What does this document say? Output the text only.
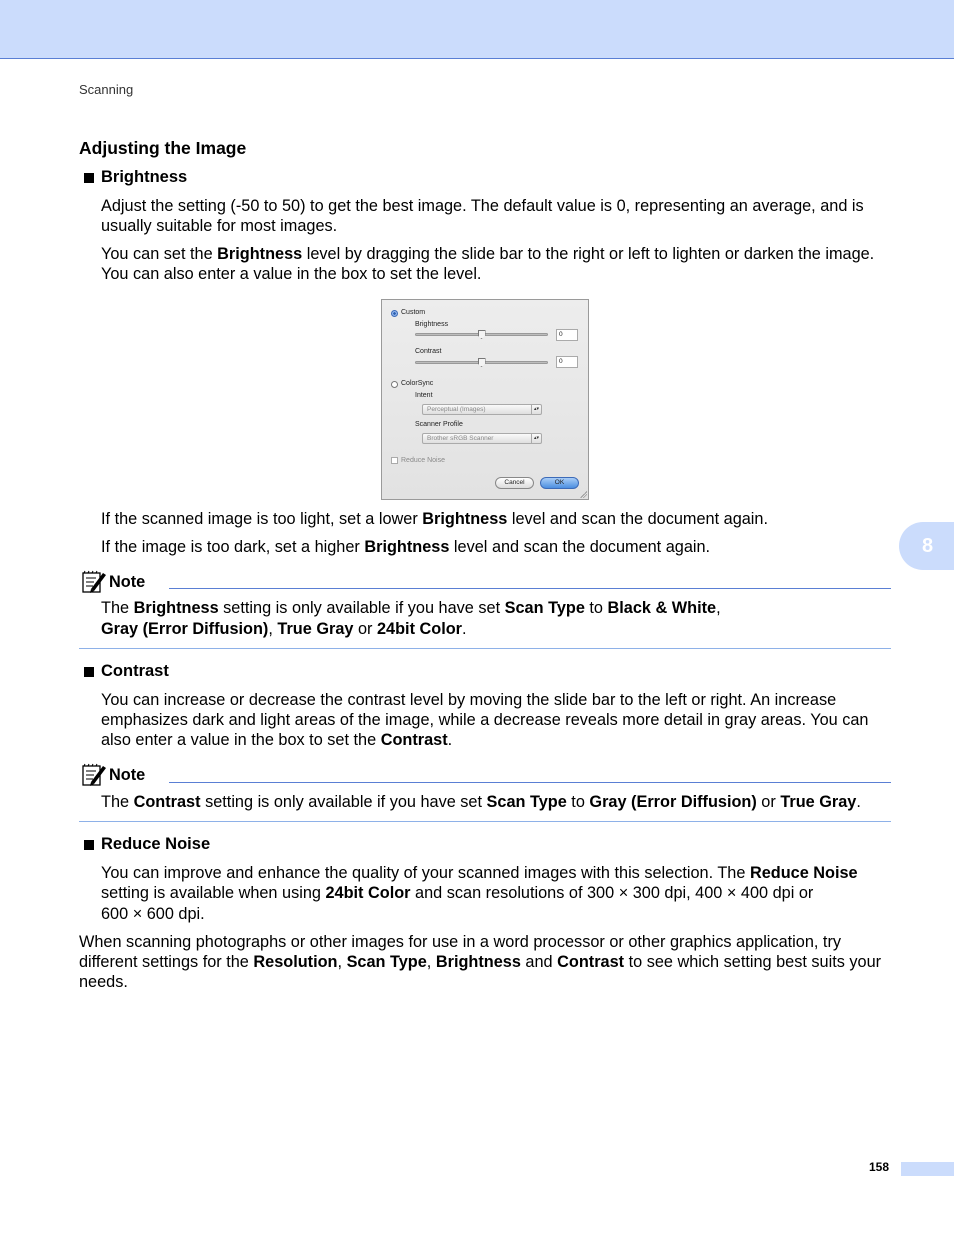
Scanning
Adjusting the Image
Brightness
Adjust the setting (-50 to 50) to get the best image. The default value is 0, representing an average, and is usually suitable for most images.
You can set the Brightness level by dragging the slide bar to the right or left to lighten or darken the image. You can also enter a value in the box to set the level.
Custom
Brightness
0
Contrast
0
ColorSync
Intent
Perceptual (Images)	▴▾
Scanner Profile
Brother sRGB Scanner	▴▾
Reduce Noise
Cancel	OK
If the scanned image is too light, set a lower Brightness level and scan the document again.
If the image is too dark, set a higher Brightness level and scan the document again.	8
Note
The Brightness setting is only available if you have set Scan Type to Black & White,
Gray (Error Diffusion), True Gray or 24bit Color.
Contrast
You can increase or decrease the contrast level by moving the slide bar to the left or right. An increase emphasizes dark and light areas of the image, while a decrease reveals more detail in gray areas. You can also enter a value in the box to set the Contrast.
Note
The Contrast setting is only available if you have set Scan Type to Gray (Error Diffusion) or True Gray.
Reduce Noise
You can improve and enhance the quality of your scanned images with this selection. The Reduce Noise
setting is available when using 24bit Color and scan resolutions of 300 × 300 dpi, 400 × 400 dpi or
600 × 600 dpi.
When scanning photographs or other images for use in a word processor or other graphics application, try different settings for the Resolution, Scan Type, Brightness and Contrast to see which setting best suits your needs.
158
